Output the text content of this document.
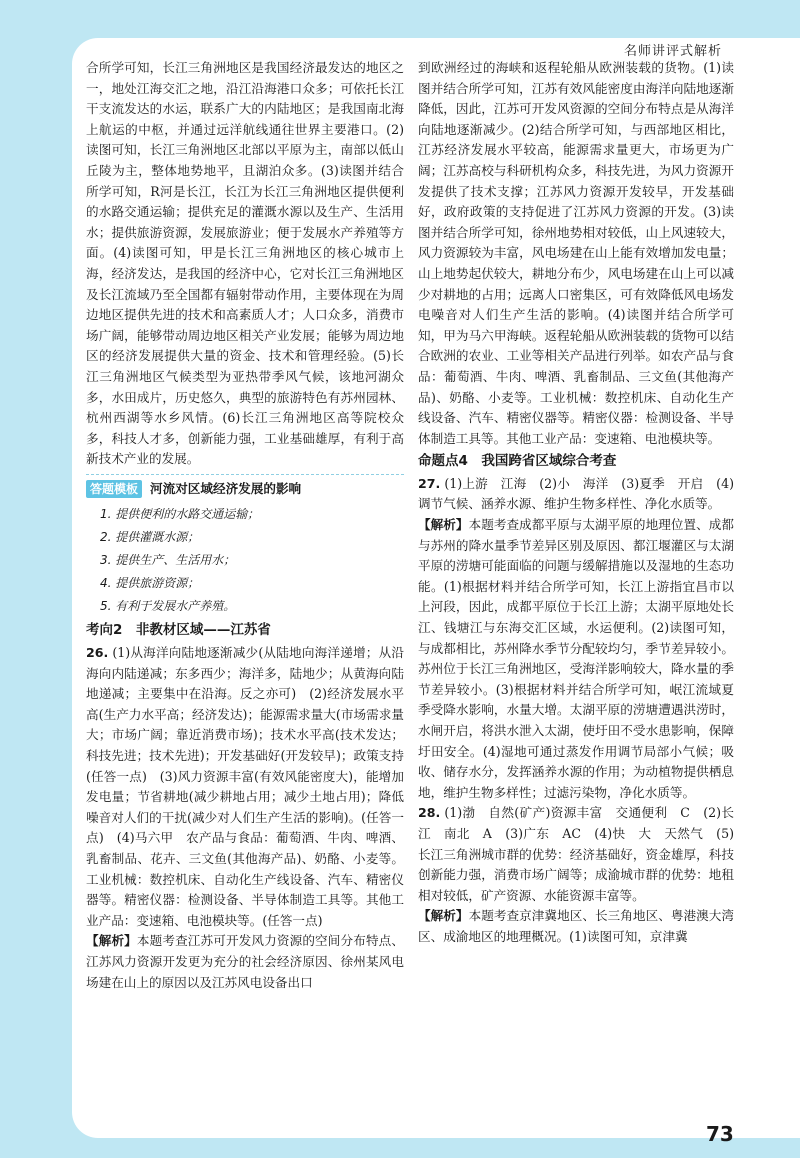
名师讲评式解析

合所学可知，长江三角洲地区是我国经济最发达的地区之一，地处江海交汇之地，沿江沿海港口众多；可依托长江干支流发达的水运，联系广大的内陆地区；是我国南北海上航运的中枢，并通过远洋航线通往世界主要港口。(2)读图可知，长江三角洲地区北部以平原为主，南部以低山丘陵为主，整体地势地平，且湖泊众多。(3)读图并结合所学可知，R河是长江，长江为长江三角洲地区提供便利的水路交通运输；提供充足的灌溉水源以及生产、生活用水；提供旅游资源，发展旅游业；便于发展水产养殖等方面。(4)读图可知，甲是长江三角洲地区的核心城市上海，经济发达，是我国的经济中心，它对长江三角洲地区及长江流域乃至全国都有辐射带动作用，主要体现在为周边地区提供先进的技术和高素质人才；人口众多，消费市场广阔，能够带动周边地区相关产业发展；能够为周边地区的经济发展提供大量的资金、技术和管理经验。(5)长江三角洲地区气候类型为亚热带季风气候，该地河湖众多，水田成片，历史悠久，典型的旅游特色有苏州园林、杭州西湖等水乡风情。(6)长江三角洲地区高等院校众多，科技人才多，创新能力强，工业基础雄厚，有利于高新技术产业的发展。

答题模板 河流对区域经济发展的影响
1. 提供便利的水路交通运输；
2. 提供灌溉水源；
3. 提供生产、生活用水；
4. 提供旅游资源；
5. 有利于发展水产养殖。

考向2　非教材区域——江苏省

26. (1)从海洋向陆地逐渐减少(从陆地向海洋递增；从沿海向内陆递减；东多西少；海洋多，陆地少；从黄海向陆地递减；主要集中在沿海。反之亦可)　(2)经济发展水平高(生产力水平高；经济发达)；能源需求量大(市场需求量大；市场广阔；靠近消费市场)；技术水平高(技术发达；科技先进；技术先进)；开发基础好(开发较早)；政策支持(任答一点)　(3)风力资源丰富(有效风能密度大)，能增加发电量；节省耕地(减少耕地占用；减少土地占用)；降低噪音对人们的干扰(减少对人们生产生活的影响)。(任答一点)　(4)马六甲　农产品与食品：葡萄酒、牛肉、啤酒、乳畜制品、花卉、三文鱼(其他海产品)、奶酪、小麦等。工业机械：数控机床、自动化生产线设备、汽车、精密仪器等。精密仪器：检测设备、半导体制造工具等。其他工业产品：变速箱、电池模块等。(任答一点)

【解析】本题考查江苏可开发风力资源的空间分布特点、江苏风力资源开发更为充分的社会经济原因、徐州某风电场建在山上的原因以及江苏风电设备出口

到欧洲经过的海峡和返程轮船从欧洲装载的货物。(1)读图并结合所学可知，江苏有效风能密度由海洋向陆地逐渐降低，因此，江苏可开发风资源的空间分布特点是从海洋向陆地逐渐减少。(2)结合所学可知，与西部地区相比，江苏经济发展水平较高，能源需求量更大，市场更为广阔；江苏高校与科研机构众多，科技先进，为风力资源开发提供了技术支撑；江苏风力资源开发较早，开发基础好，政府政策的支持促进了江苏风力资源的开发。(3)读图并结合所学可知，徐州地势相对较低，山上风速较大，风力资源较为丰富，风电场建在山上能有效增加发电量；山上地势起伏较大，耕地分布少，风电场建在山上可以减少对耕地的占用；远离人口密集区，可有效降低风电场发电噪音对人们生产生活的影响。(4)读图并结合所学可知，甲为马六甲海峡。返程轮船从欧洲装载的货物可以结合欧洲的农业、工业等相关产品进行列举。如农产品与食品：葡萄酒、牛肉、啤酒、乳畜制品、三文鱼(其他海产品)、奶酪、小麦等。工业机械：数控机床、自动化生产线设备、汽车、精密仪器等。精密仪器：检测设备、半导体制造工具等。其他工业产品：变速箱、电池模块等。

命题点4　我国跨省区域综合考查

27. (1)上游　江海　(2)小　海洋　(3)夏季　开启　(4)调节气候、涵养水源、维护生物多样性、净化水质等。

【解析】本题考查成都平原与太湖平原的地理位置、成都与苏州的降水量季节差异区别及原因、都江堰灌区与太湖平原的涝塘可能面临的问题与缓解措施以及湿地的生态功能。(1)根据材料并结合所学可知，长江上游指宜昌市以上河段，因此，成都平原位于长江上游；太湖平原地处长江、钱塘江与东海交汇区域，水运便利。(2)读图可知，与成都相比，苏州降水季节分配较均匀，季节差异较小。苏州位于长江三角洲地区，受海洋影响较大，降水量的季节差异较小。(3)根据材料并结合所学可知，岷江流域夏季受降水影响，水量大增。太湖平原的涝塘遭遇洪涝时，水闸开启，将洪水泄入太湖，使圩田不受水患影响，保障圩田安全。(4)湿地可通过蒸发作用调节局部小气候；吸收、储存水分，发挥涵养水源的作用；为动植物提供栖息地，维护生物多样性；过滤污染物，净化水质等。

28. (1)渤　自然(矿产)资源丰富　交通便利　C　(2)长江　南北　A　(3)广东　AC　(4)快　大　天然气　(5)长江三角洲城市群的优势：经济基础好，资金雄厚，科技创新能力强，消费市场广阔等；成渝城市群的优势：地租相对较低，矿产资源、水能资源丰富等。

【解析】本题考查京津冀地区、长三角地区、粤港澳大湾区、成渝地区的地理概况。(1)读图可知，京津冀

73
